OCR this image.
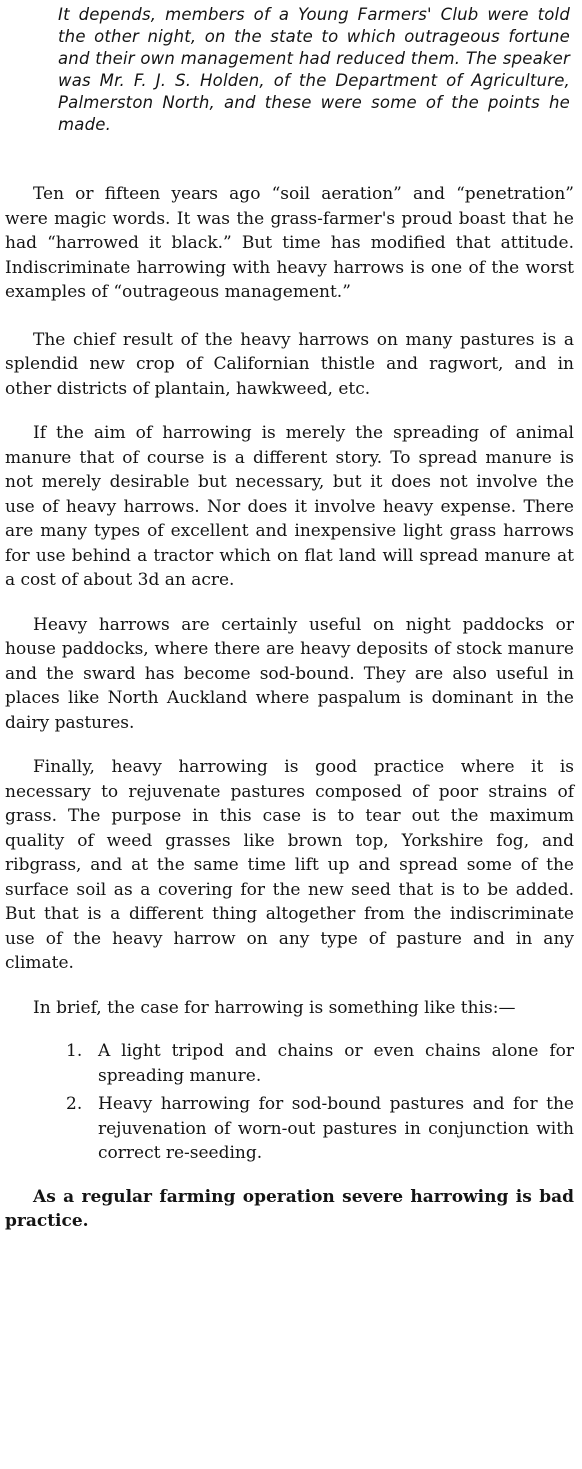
It depends, members of a Young Farmers' Club were told the other night, on the state to which outrageous fortune and their own management had reduced them. The speaker was Mr. F. J. S. Holden, of the Department of Agriculture, Palmerston North, and these were some of the points he made.

Ten or fifteen years ago “soil aeration” and “penetration” were magic words. It was the grass-farmer's proud boast that he had “harrowed it black.” But time has modified that attitude. Indiscriminate harrowing with heavy harrows is one of the worst examples of “outrageous management.”

The chief result of the heavy harrows on many pastures is a splendid new crop of Californian thistle and ragwort, and in other districts of plantain, hawkweed, etc.

If the aim of harrowing is merely the spreading of animal manure that of course is a different story. To spread manure is not merely desirable but necessary, but it does not involve the use of heavy harrows. Nor does it involve heavy expense. There are many types of excellent and inexpensive light grass harrows for use behind a tractor which on flat land will spread manure at a cost of about 3d an acre.

Heavy harrows are certainly useful on night paddocks or house paddocks, where there are heavy deposits of stock manure and the sward has become sod-bound. They are also useful in places like North Auckland where paspalum is dominant in the dairy pastures.

Finally, heavy harrowing is good practice where it is necessary to rejuvenate pastures composed of poor strains of grass. The purpose in this case is to tear out the maximum quality of weed grasses like brown top, Yorkshire fog, and ribgrass, and at the same time lift up and spread some of the surface soil as a covering for the new seed that is to be added. But that is a different thing altogether from the indiscriminate use of the heavy harrow on any type of pasture and in any climate.

In brief, the case for harrowing is something like this:—

1. A light tripod and chains or even chains alone for spreading manure.
2. Heavy harrowing for sod-bound pastures and for the rejuvenation of worn-out pastures in conjunction with correct re-seeding.

As a regular farming operation severe harrowing is bad practice.
